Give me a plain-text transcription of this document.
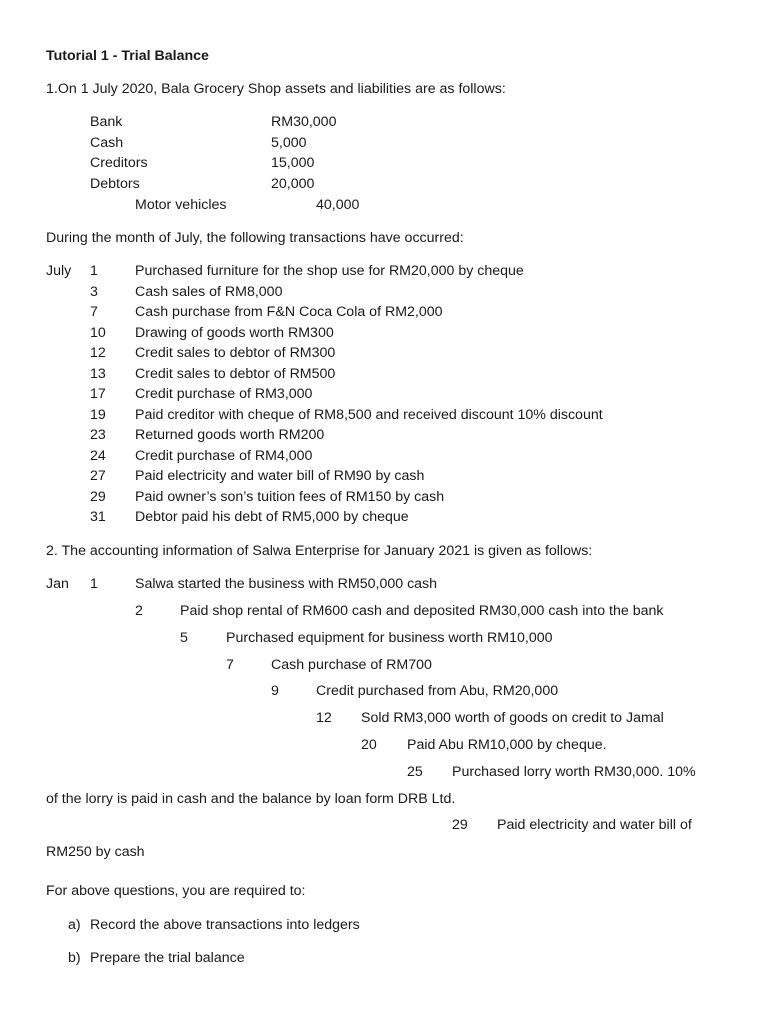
Tutorial 1 - Trial Balance
1.On 1 July 2020, Bala Grocery Shop assets and liabilities are as follows:
Bank	RM30,000
Cash	5,000
Creditors	15,000
Debtors	20,000
Motor vehicles	40,000
During the month of July, the following transactions have occurred:
July 1	Purchased furniture for the shop use for RM20,000 by cheque
3	Cash sales of RM8,000
7	Cash purchase from F&N Coca Cola of RM2,000
10 Drawing of goods worth RM300
12 Credit sales to debtor of RM300
13 Credit sales to debtor of RM500
17 Credit purchase of RM3,000
19 Paid creditor with cheque of RM8,500 and received discount 10% discount
23 Returned goods worth RM200
24 Credit purchase of RM4,000
27 Paid electricity and water bill of RM90 by cash
29 Paid owner’s son’s tuition fees of RM150 by cash
31 Debtor paid his debt of RM5,000 by cheque
2. The accounting information of Salwa Enterprise for January 2021 is given as follows:
Jan 1	Salwa started the business with RM50,000 cash
2	Paid shop rental of RM600 cash and deposited RM30,000 cash into the bank
5	Purchased equipment for business worth RM10,000
7	Cash purchase of RM700
9	Credit purchased from Abu, RM20,000
12 Sold RM3,000 worth of goods on credit to Jamal
20 Paid Abu RM10,000 by cheque.
25 Purchased lorry worth RM30,000. 10%
of the lorry is paid in cash and the balance by loan form DRB Ltd.
29 Paid electricity and water bill of
RM250 by cash
For above questions, you are required to:
a) Record the above transactions into ledgers
b) Prepare the trial balance
